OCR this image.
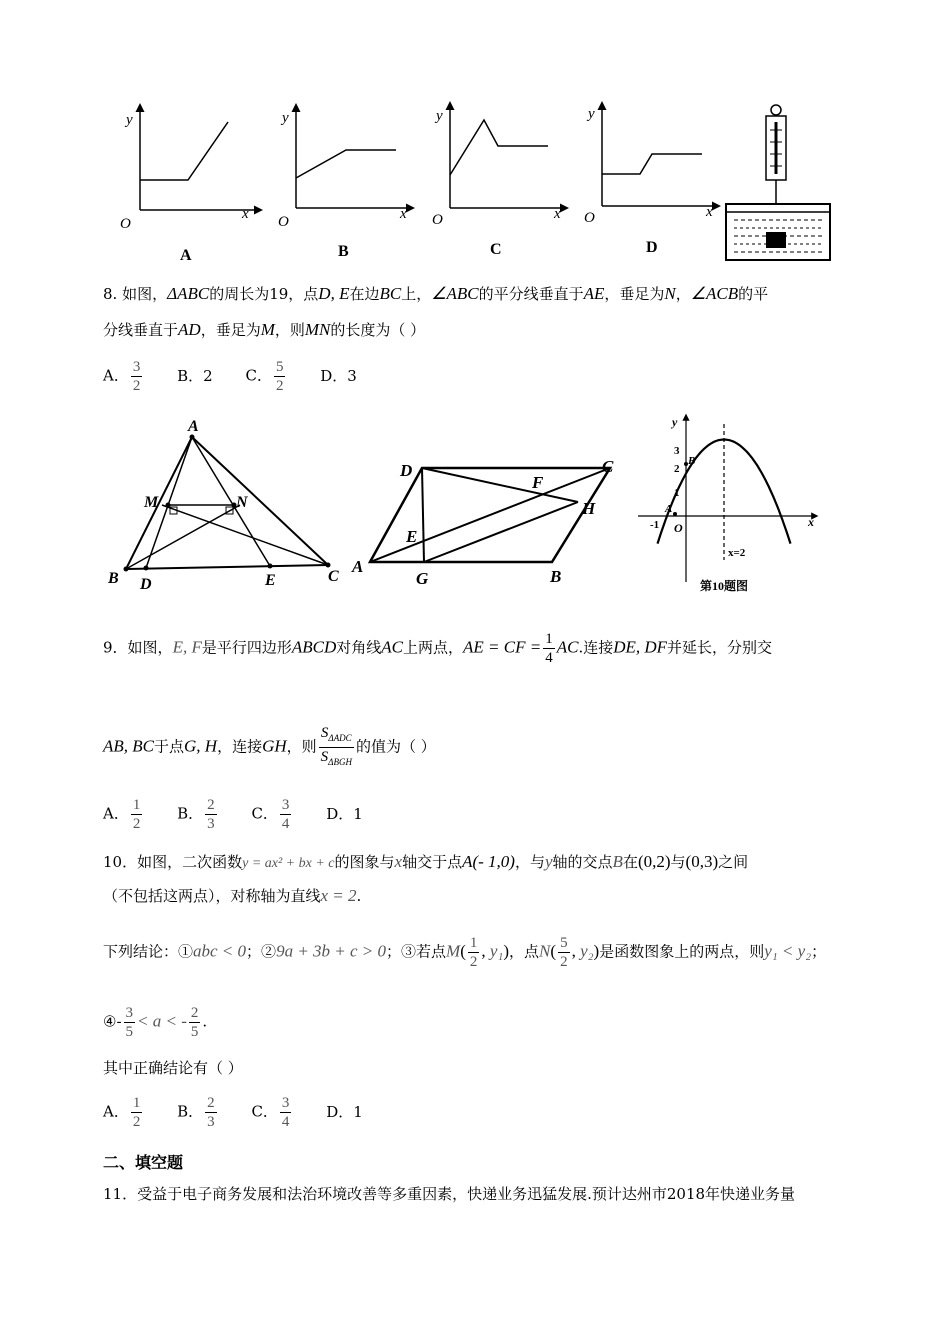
y
x
O
A
y
x
O
B
y
x
O
C
y
x
O
D
8. 如图，ΔABC的周长为19，点D, E在边BC上，∠ABC的平分线垂直于AE，垂足为N，∠ACB的平
分线垂直于AD，垂足为M，则MN的长度为（ ）
A． $\frac{3}{2}$ B．2 C． $\frac{5}{2}$ D．3
A
B	C
D	E
M	N
A
B
C
D
E
F
G
H
y
x
O
3
2
1
-1
A
B
x=2
第10题图
9．如图，E, F是平行四边形ABCD对角线AC上两点，AE = CF = $\frac{1}{4}$ AC.连接DE, DF并延长，分别交
AB, BC于点G, H，连接GH，则 $\frac{S_{\Delta ADC}}{S_{\Delta BGH}}$ 的值为（ ）
A． $\frac{1}{2}$ B． $\frac{2}{3}$ C． $\frac{3}{4}$ D．1
10．如图，二次函数y = ax² + bx + c的图象与x轴交于点A(- 1,0)，与y轴的交点B在(0,2)与(0,3)之间
（不包括这两点），对称轴为直线x = 2.
下列结论：①abc < 0；②9a + 3b + c > 0；③若点$M( \frac{1}{2}$ , y₁)，点$N( \frac{5}{2}$ , y₂)是函数图象上的两点，则y₁ < y₂；
④- $\frac{3}{5} < a$ < - $\frac{2}{5}$ .
其中正确结论有（ ）
A． $\frac{1}{2}$ B． $\frac{2}{3}$ C． $\frac{3}{4}$ D．1
二、填空题
11．受益于电子商务发展和法治环境改善等多重因素，快递业务迅猛发展.预计达州市2018年快递业务量
